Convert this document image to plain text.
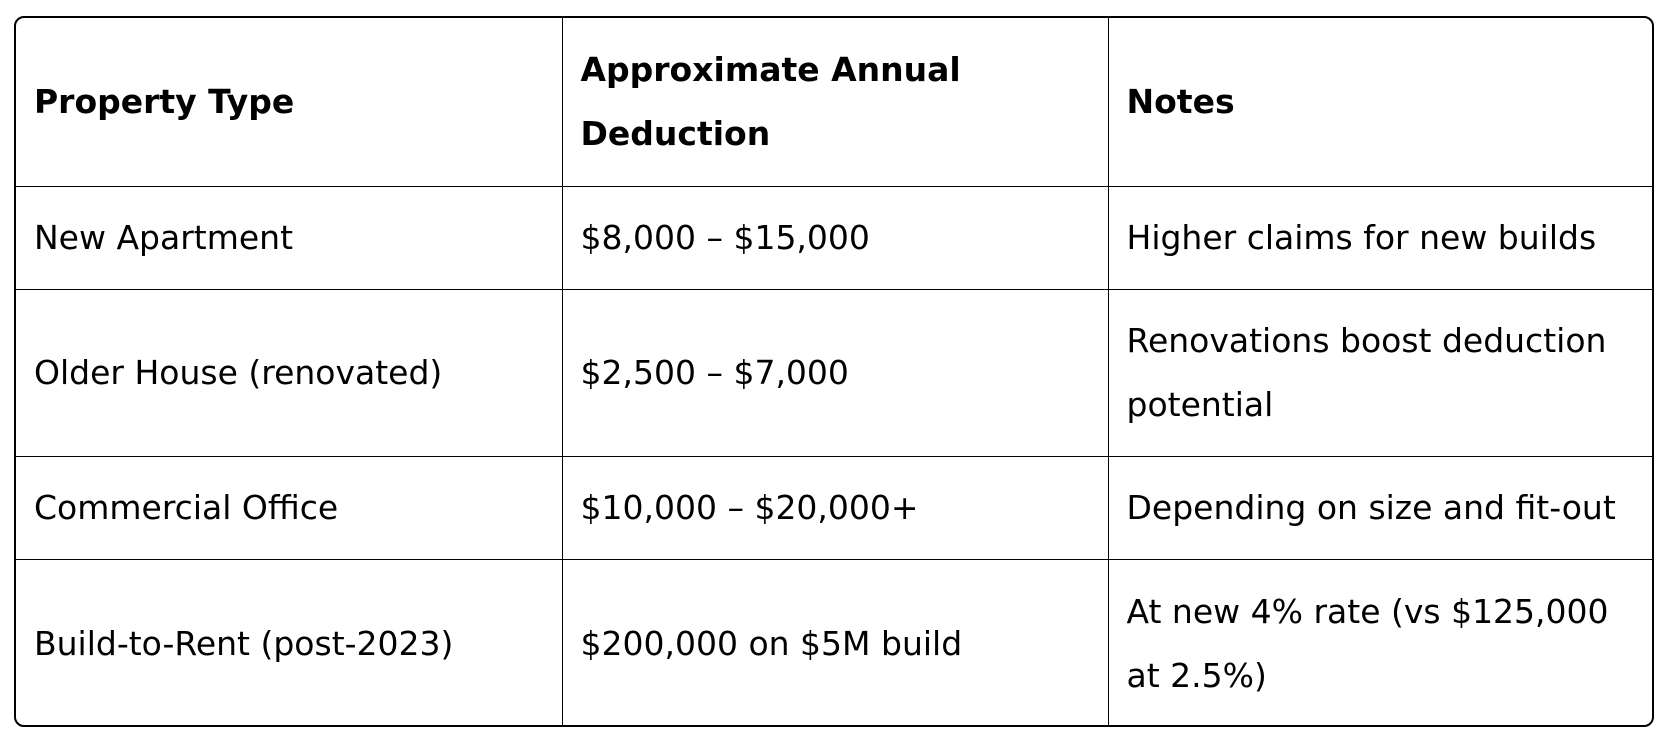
Property Type	Approximate Annual Deduction	Notes
New Apartment	$8,000 – $15,000	Higher claims for new builds
Older House (renovated)	$2,500 – $7,000	Renovations boost deduction potential
Commercial Office	$10,000 – $20,000+	Depending on size and fit-out
Build-to-Rent (post-2023)	$200,000 on $5M build	At new 4% rate (vs $125,000 at 2.5%)
